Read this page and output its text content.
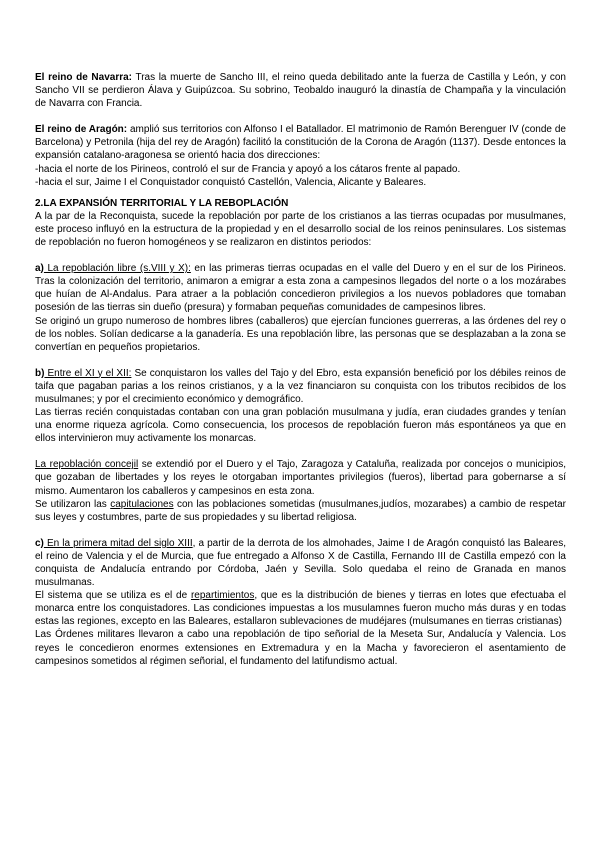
El reino de Navarra: Tras la muerte de Sancho III, el reino queda debilitado ante la fuerza de Castilla y León, y con Sancho VII se perdieron Álava y Guipúzcoa. Su sobrino, Teobaldo inauguró la dinastía de Champaña y la vinculación de Navarra con Francia.

El reino de Aragón: amplió sus territorios con Alfonso I el Batallador. El matrimonio de Ramón Berenguer IV (conde de Barcelona) y Petronila (hija del rey de Aragón) facilitó la constitución de la Corona de Aragón (1137). Desde entonces la expansión catalano-aragonesa se orientó hacia dos direcciones:

-hacia el norte de los Pirineos, controló el sur de Francia y apoyó a los cátaros frente al papado.

-hacia el sur, Jaime I el Conquistador conquistó Castellón, Valencia, Alicante y Baleares.

2.LA EXPANSIÓN TERRITORIAL Y LA REBOPLACIÓN

A la par de la Reconquista, sucede la repoblación por parte de los cristianos a las tierras ocupadas por musulmanes, este proceso influyó en la estructura de la propiedad y en el desarrollo social de los reinos peninsulares. Los sistemas de repoblación no fueron homogéneos y se realizaron en distintos periodos:

a) La repoblación libre (s.VIII y X): en las primeras tierras ocupadas en el valle del Duero y en el sur de los Pirineos. Tras la colonización del territorio, animaron a emigrar a esta zona a campesinos llegados del norte o a los mozárabes que huían de Al-Andalus. Para atraer a la población concedieron privilegios a los nuevos pobladores que tomaban posesión de las tierras sin dueño (presura) y formaban pequeñas comunidades de campesinos libres.

Se originó un grupo numeroso de hombres libres (caballeros) que ejercían funciones guerreras, a las órdenes del rey o de los nobles. Solían dedicarse a la ganadería. Es una repoblación libre, las personas que se desplazaban a la zona se convertían en pequeños propietarios.

b) Entre el XI y el XII: Se conquistaron los valles del Tajo y del Ebro, esta expansión benefició por los débiles reinos de taifa que pagaban parias a los reinos cristianos, y a la vez financiaron su conquista con los tributos recibidos de los musulmanes; y por el crecimiento económico y demográfico.

Las tierras recién conquistadas contaban con una gran población musulmana y judía, eran ciudades grandes y tenían una enorme riqueza agrícola. Como consecuencia, los procesos de repoblación fueron más espontáneos ya que en ellos intervinieron muy activamente los monarcas.

La repoblación concejil se extendió por el Duero y el Tajo, Zaragoza y Cataluña, realizada por concejos o municipios, que gozaban de libertades y los reyes le otorgaban importantes privilegios (fueros), libertad para gobernarse a sí mismo. Aumentaron los caballeros y campesinos en esta zona.

Se utilizaron las capitulaciones con las poblaciones sometidas (musulmanes,judíos, mozarabes) a cambio de respetar sus leyes y costumbres, parte de sus propiedades y su libertad religiosa.

c) En la primera mitad del siglo XIII, a partir de la derrota de los almohades, Jaime I de Aragón conquistó las Baleares, el reino de Valencia y el de Murcia, que fue entregado a Alfonso X de Castilla, Fernando III de Castilla empezó con la conquista de Andalucía entrando por Córdoba, Jaén y Sevilla. Solo quedaba el reino de Granada en manos musulmanas.

El sistema que se utiliza es el de repartimientos, que es la distribución de bienes y tierras en lotes que efectuaba el monarca entre los conquistadores. Las condiciones impuestas a los musulamnes fueron mucho más duras y en todas estas las regiones, excepto en las Baleares, estallaron sublevaciones de mudéjares (mulsumanes en tierras cristianas)

Las Órdenes militares llevaron a cabo una repoblación de tipo señorial de la Meseta Sur, Andalucía y Valencia. Los reyes le concedieron enormes extensiones en Extremadura y en la Macha y favorecieron el asentamiento de campesinos sometidos al régimen señorial, el fundamento del latifundismo actual.
